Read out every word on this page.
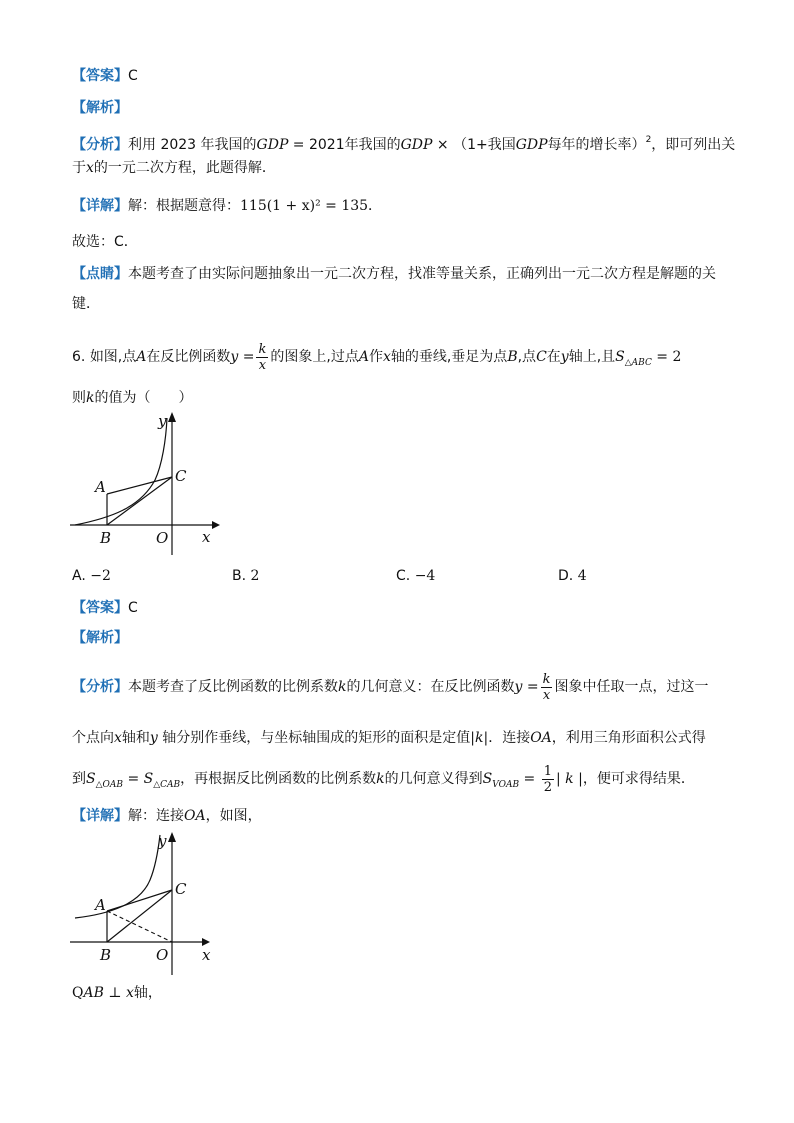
【答案】C
【解析】
【分析】利用 2023 年我国的GDP = 2021年我国的GDP × （1+我国GDP每年的增长率）$^2$，即可列出关
于x的一元二次方程，此题得解．
【详解】解：根据题意得：115(1 + x)² = 135．
故选：C．
【点睛】本题考查了由实际问题抽象出一元二次方程，找准等量关系，正确列出一元二次方程是解题的关
键．
6. 如图,点A在反比例函数$y = \frac{k}{x}$ 的图象上,过点A作x轴的垂线,垂足为点B,点C在y轴上,且$S_{\triangle ABC} = 2$
则k的值为（　　）
y
x
A
B
C
O
A. −2	B. 2	C. −4	D. 4
【答案】C
【解析】
【分析】本题考查了反比例函数的比例系数k的几何意义：在反比例函数$y = \frac{k}{x}$ 图象中任取一点，过这一
个点向x轴和y 轴分别作垂线，与坐标轴围成的矩形的面积是定值|k|．连接OA，利用三角形面积公式得
到$S_{\triangle OAB} = S_{\triangle CAB}$，再根据反比例函数的比例系数k的几何意义得到$S_{VOAB} = \frac{1}{2}$ | k |，便可求得结果．
【详解】解：连接OA，如图，
y
x
A
B
C
O
QAB ⊥ x轴，
